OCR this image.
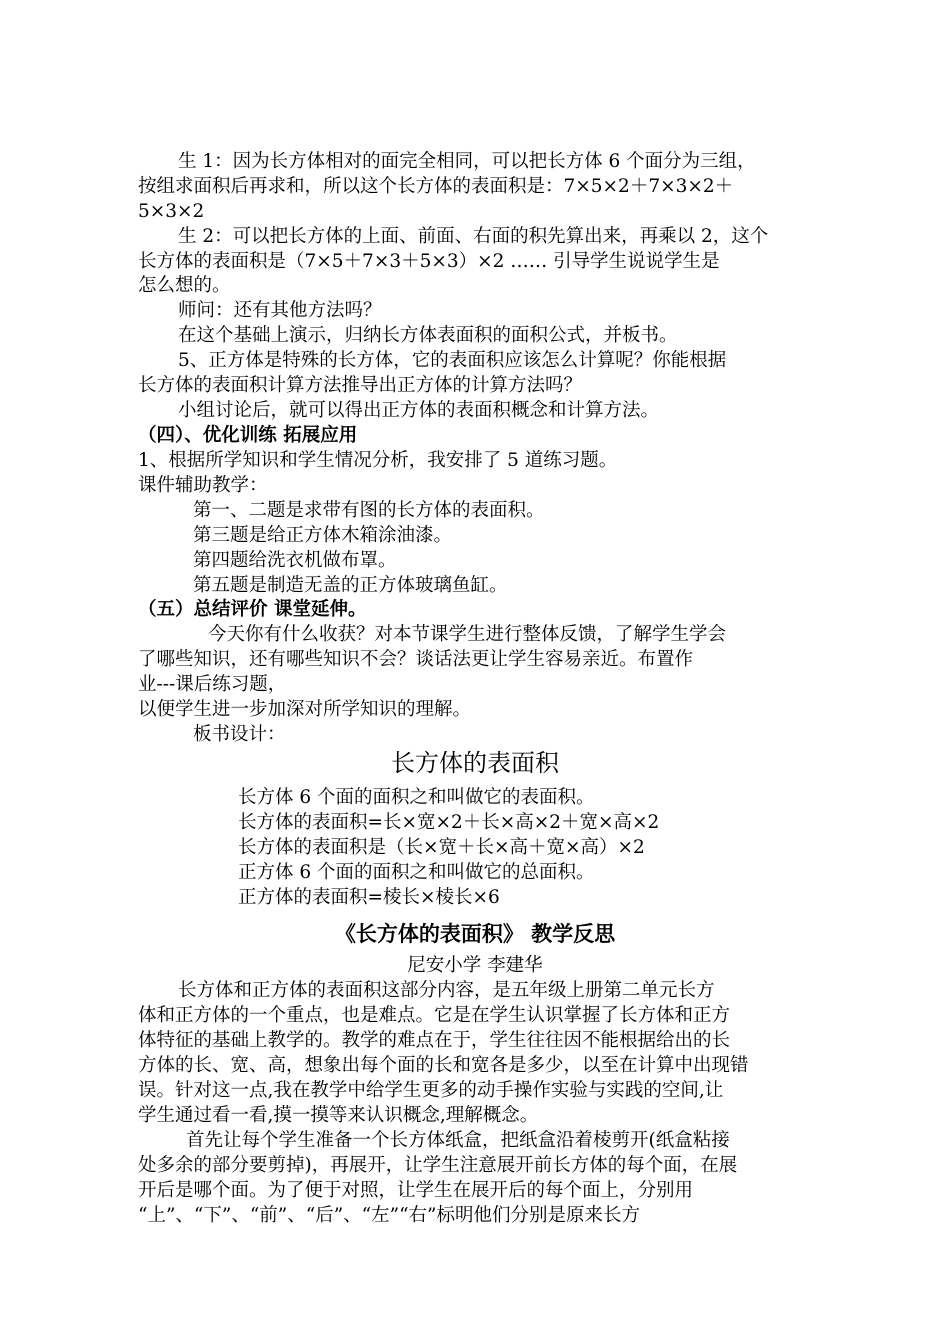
生 1：因为长方体相对的面完全相同，可以把长方体 6 个面分为三组，
按组求面积后再求和，所以这个长方体的表面积是：7×5×2＋7×3×2＋
5×3×2
生 2：可以把长方体的上面、前面、右面的积先算出来，再乘以 2，这个
长方体的表面积是（7×5＋7×3＋5×3）×2 …… 引导学生说说学生是
怎么想的。
师问：还有其他方法吗？
在这个基础上演示，归纳长方体表面积的面积公式，并板书。
5、正方体是特殊的长方体，它的表面积应该怎么计算呢？你能根据
长方体的表面积计算方法推导出正方体的计算方法吗？
小组讨论后，就可以得出正方体的表面积概念和计算方法。
（四）、优化训练 拓展应用
1、根据所学知识和学生情况分析，我安排了 5 道练习题。
课件辅助教学：
第一、二题是求带有图的长方体的表面积。
第三题是给正方体木箱涂油漆。
第四题给洗衣机做布罩。
第五题是制造无盖的正方体玻璃鱼缸。
（五）总结评价 课堂延伸。
今天你有什么收获？对本节课学生进行整体反馈，了解学生学会
了哪些知识，还有哪些知识不会？谈话法更让学生容易亲近。布置作
业---课后练习题，
以便学生进一步加深对所学知识的理解。
板书设计：
长方体的表面积
长方体 6 个面的面积之和叫做它的表面积。
长方体的表面积=长×宽×2＋长×高×2＋宽×高×2
长方体的表面积是（长×宽＋长×高＋宽×高）×2
正方体 6 个面的面积之和叫做它的总面积。
正方体的表面积=棱长×棱长×6
《长方体的表面积》 教学反思
尼安小学 李建华
长方体和正方体的表面积这部分内容，是五年级上册第二单元长方
体和正方体的一个重点，也是难点。它是在学生认识掌握了长方体和正方
体特征的基础上教学的。教学的难点在于，学生往往因不能根据给出的长
方体的长、宽、高，想象出每个面的长和宽各是多少，以至在计算中出现错
误。针对这一点,我在教学中给学生更多的动手操作实验与实践的空间,让
学生通过看一看,摸一摸等来认识概念,理解概念。
首先让每个学生准备一个长方体纸盒，把纸盒沿着棱剪开(纸盒粘接
处多余的部分要剪掉)，再展开，让学生注意展开前长方体的每个面，在展
开后是哪个面。为了便于对照，让学生在展开后的每个面上，分别用
“上”、“下”、“前”、“后”、“左”“右”标明他们分别是原来长方
